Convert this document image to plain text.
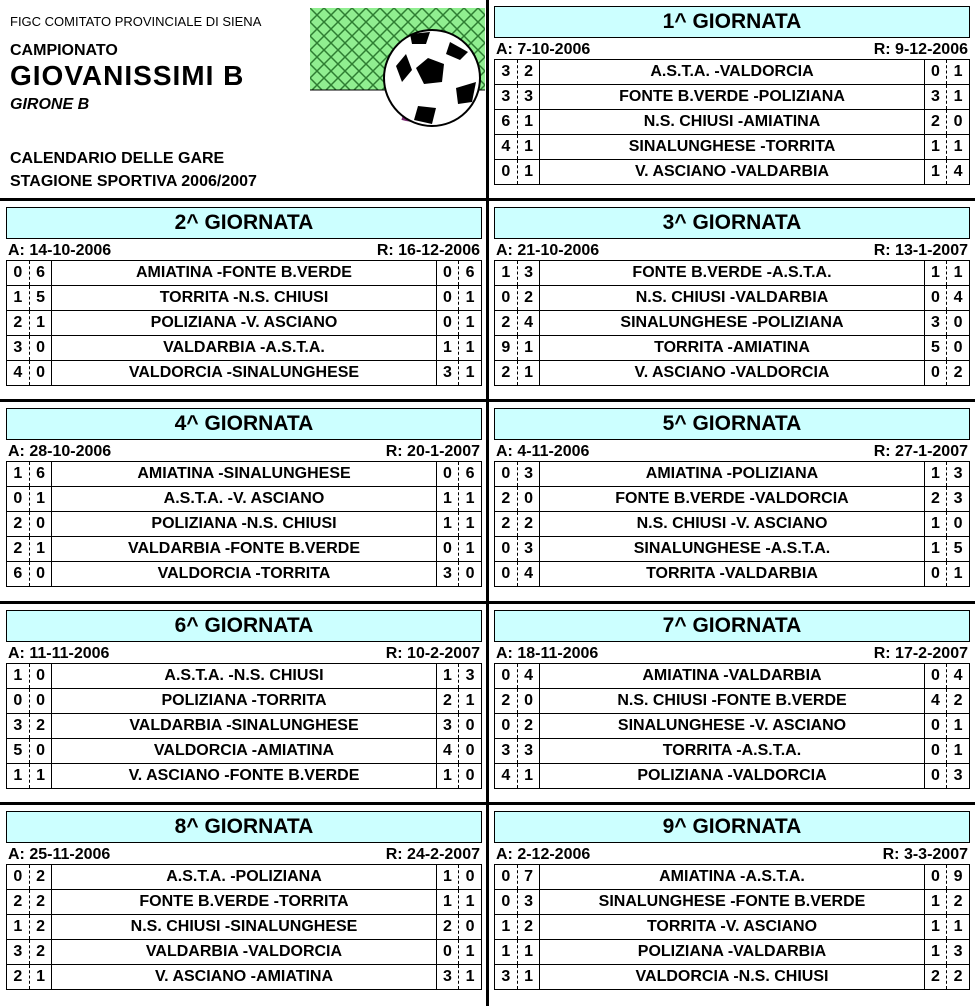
FIGC COMITATO PROVINCIALE DI SIENA
CAMPIONATO
GIOVANISSIMI B
GIRONE B
CALENDARIO DELLE GARE
STAGIONE SPORTIVA 2006/2007
1^ GIORNATA
A: 7-10-2006	R: 9-12-2006
3	2	A.S.T.A. -VALDORCIA	0	1
3	3	FONTE B.VERDE -POLIZIANA	3	1
6	1	N.S. CHIUSI -AMIATINA	2	0
4	1	SINALUNGHESE -TORRITA	1	1
0	1	V. ASCIANO -VALDARBIA	1	4
2^ GIORNATA
A: 14-10-2006	R: 16-12-2006
0	6	AMIATINA -FONTE B.VERDE	0	6
1	5	TORRITA -N.S. CHIUSI	0	1
2	1	POLIZIANA -V. ASCIANO	0	1
3	0	VALDARBIA -A.S.T.A.	1	1
4	0	VALDORCIA -SINALUNGHESE	3	1
3^ GIORNATA
A: 21-10-2006	R: 13-1-2007
1	3	FONTE B.VERDE -A.S.T.A.	1	1
0	2	N.S. CHIUSI -VALDARBIA	0	4
2	4	SINALUNGHESE -POLIZIANA	3	0
9	1	TORRITA -AMIATINA	5	0
2	1	V. ASCIANO -VALDORCIA	0	2
4^ GIORNATA
A: 28-10-2006	R: 20-1-2007
1	6	AMIATINA -SINALUNGHESE	0	6
0	1	A.S.T.A. -V. ASCIANO	1	1
2	0	POLIZIANA -N.S. CHIUSI	1	1
2	1	VALDARBIA -FONTE B.VERDE	0	1
6	0	VALDORCIA -TORRITA	3	0
5^ GIORNATA
A: 4-11-2006	R: 27-1-2007
0	3	AMIATINA -POLIZIANA	1	3
2	0	FONTE B.VERDE -VALDORCIA	2	3
2	2	N.S. CHIUSI -V. ASCIANO	1	0
0	3	SINALUNGHESE -A.S.T.A.	1	5
0	4	TORRITA -VALDARBIA	0	1
6^ GIORNATA
A: 11-11-2006	R: 10-2-2007
1	0	A.S.T.A. -N.S. CHIUSI	1	3
0	0	POLIZIANA -TORRITA	2	1
3	2	VALDARBIA -SINALUNGHESE	3	0
5	0	VALDORCIA -AMIATINA	4	0
1	1	V. ASCIANO -FONTE B.VERDE	1	0
7^ GIORNATA
A: 18-11-2006	R: 17-2-2007
0	4	AMIATINA -VALDARBIA	0	4
2	0	N.S. CHIUSI -FONTE B.VERDE	4	2
0	2	SINALUNGHESE -V. ASCIANO	0	1
3	3	TORRITA -A.S.T.A.	0	1
4	1	POLIZIANA -VALDORCIA	0	3
8^ GIORNATA
A: 25-11-2006	R: 24-2-2007
0	2	A.S.T.A. -POLIZIANA	1	0
2	2	FONTE B.VERDE -TORRITA	1	1
1	2	N.S. CHIUSI -SINALUNGHESE	2	0
3	2	VALDARBIA -VALDORCIA	0	1
2	1	V. ASCIANO -AMIATINA	3	1
9^ GIORNATA
A: 2-12-2006	R: 3-3-2007
0	7	AMIATINA -A.S.T.A.	0	9
0	3	SINALUNGHESE -FONTE B.VERDE	1	2
1	2	TORRITA -V. ASCIANO	1	1
1	1	POLIZIANA -VALDARBIA	1	3
3	1	VALDORCIA -N.S. CHIUSI	2	2
